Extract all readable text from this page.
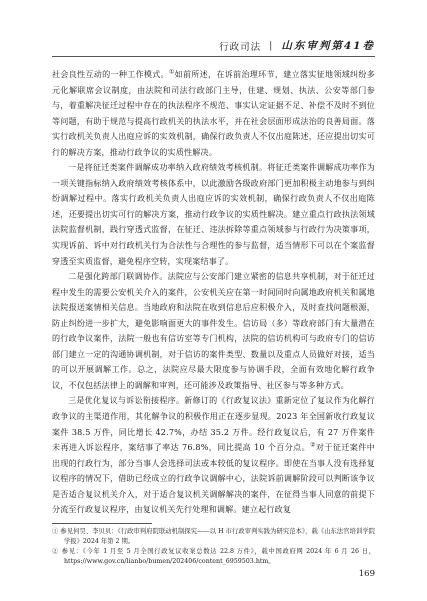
行政司法 | 山东审判第41卷

社会良性互动的一种工作模式。①如前所述，在诉前治理环节，建立落实征地领域纠纷多元化解联席会议制度，由法院和司法行政部门主导，住建、规划、执法、公安等部门参与，着重解决征迁过程中存在的执法程序不规范、事实认定证据不足、补偿不及时不到位等问题，有助于规范与提高行政机关的执法水平，并在社会层面形成法治的良善局面。落实行政机关负责人出庭应诉的实效机制，确保行政负责人不仅出庭陈述，还应提出切实可行的解决方案，推动行政争议的实质性解决。

一是将征迁类案件调解成功率纳入政府绩效考核机制。将征迁类案件调解成功率作为一项关键指标纳入政府绩效考核体系中，以此激励各级政府部门更加积极主动地参与到纠纷调解过程中。落实行政机关负责人出庭应诉的实效机制，确保行政负责人不仅出庭陈述，还要提出切实可行的解决方案，推动行政争议的实质性解决。建立重点行政执法领域法院监督机制，践行穿透式监督，在征迁、违法拆除等重点领域参与行政行为决策事项，实现诉前、诉中对行政机关行为合法性与合理性的参与监督，适当情形下可以在个案监督穿透至实质监督，避免程序空转，实现案结事了。

二是强化跨部门联调协作。法院应与公安部门建立紧密的信息共享机制，对于征迁过程中发生的需要公安机关介入的案件，公安机关应在第一时间同时向属地政府机关和属地法院报送案情相关信息。当地政府和法院在收到信息后应积极介入，及时查找问题根源，防止纠纷进一步扩大，避免影响面更大的事件发生。信访局（多）等政府部门有大量潜在的行政争议案件，法院一般也有信访室等专门机构，法院的信访机构可与政府专门的信访部门建立一定的沟通协调机制，对于信访的案件类型、数量以及重点人员做好对接，适当的可以开展调解工作。总之，法院应尽最大限度参与协调手段，全面有效地化解行政争议，不仅包括法律上的调解和审判，还可能涉及政策指导、社区参与等多种方式。

三是优化复议与诉讼衔接程序。新修订的《行政复议法》重新定位了复议作为化解行政争议的主渠道作用，其化解争议的积极作用正在逐步显现。2023 年全国新收行政复议案件 38.5 万件，同比增长 42.7%，办结 35.2 万件。经行政复议后，有 27 万件案件未再进入诉讼程序，案结事了率达 76.8%，同比提高 10 个百分点。②对于征迁案件中出现的行政行为，部分当事人会选择司法或本较低的复议程序。即使在当事人没有选择复议程序的情况下，借助已经成立的行政争议调解中心，法院诉前调解阶段可以判断该争议是否适合复议机关介入，对于适合复议机关调解解决的案件，在征得当事人同意的前提下分流至行政复议程序，由复议机关先行处理和调解。建立起行政复

① 参见何昊、李贝贝：《行政审判府院联动机制探究——以 H 市行政审判实践为研究范本》，载《山东法官培训学院学报》2024 年第 2 期。

② 参见：《今年 1 月至 5 月全国行政复议收案总数达 22.8 万件》，载中国政府网 2024 年 6 月 26 日，https://www.gov.cn/lianbo/bumen/202406/content_6959503.htm。

169
